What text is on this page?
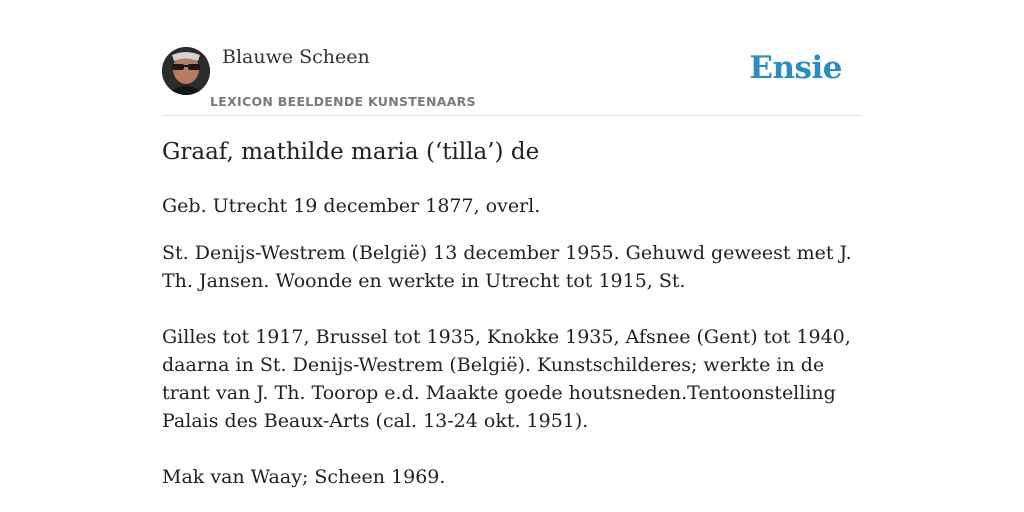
Blauwe Scheen
LEXICON BEELDENDE KUNSTENAARS
Ensie
Graaf, mathilde maria (‘tilla’) de
Geb. Utrecht 19 december 1877, overl.
St. Denijs-Westrem (België) 13 december 1955. Gehuwd geweest met J. Th. Jansen. Woonde en werkte in Utrecht tot 1915, St.
Gilles tot 1917, Brussel tot 1935, Knokke 1935, Afsnee (Gent) tot 1940, daarna in St. Denijs-Westrem (België). Kunstschilderes; werkte in de trant van J. Th. Toorop e.d. Maakte goede houtsneden.Tentoonstelling Palais des Beaux-Arts (cal. 13-24 okt. 1951).
Mak van Waay; Scheen 1969.
